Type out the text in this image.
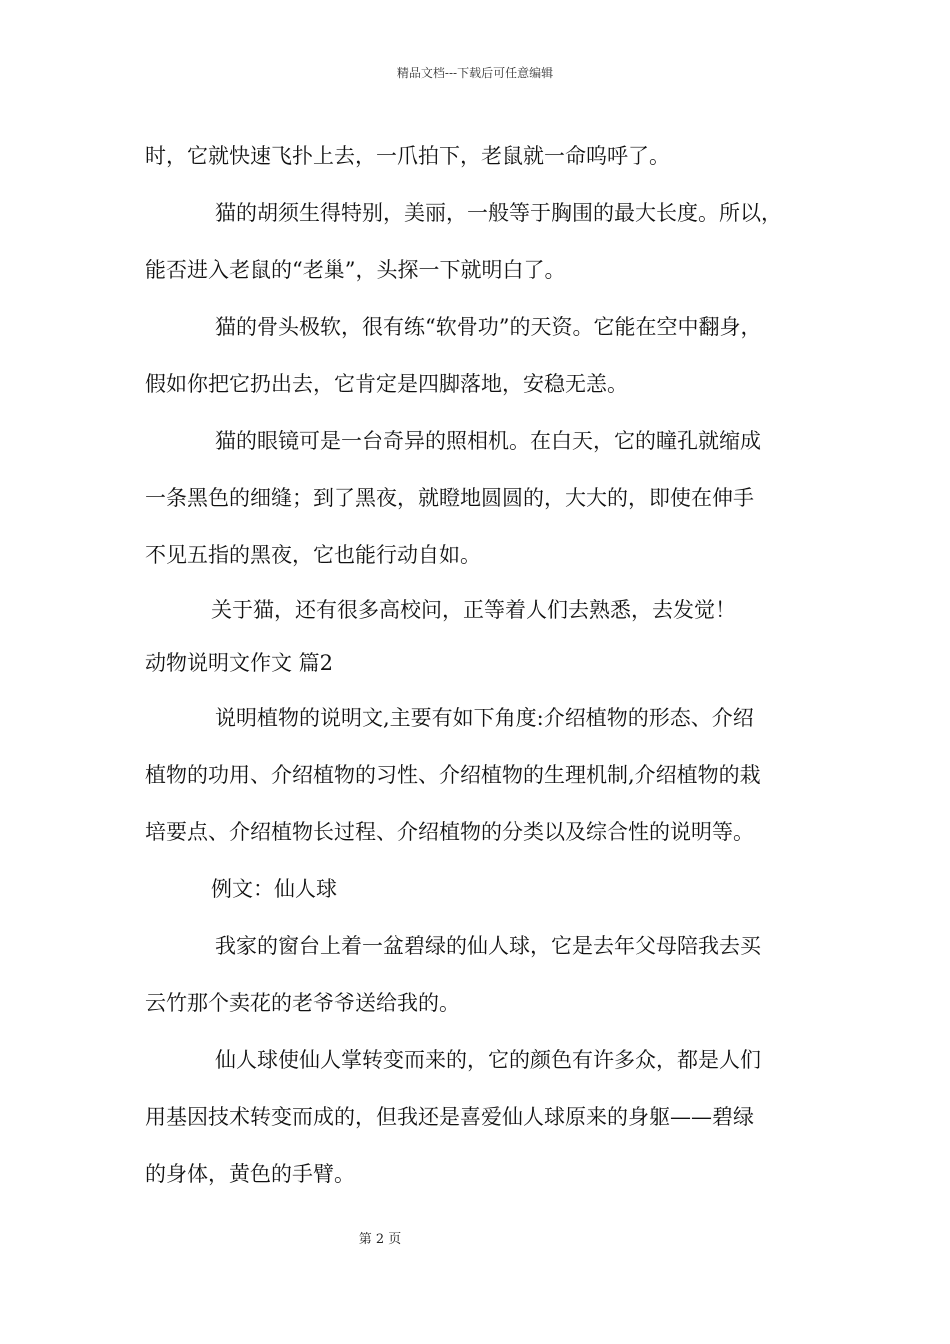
精品文档---下载后可任意编辑
时，它就快速飞扑上去，一爪拍下，老鼠就一命呜呼了。
猫的胡须生得特别，美丽，一般等于胸围的最大长度。所以，
能否进入老鼠的“老巢”，头探一下就明白了。
猫的骨头极软，很有练“软骨功”的天资。它能在空中翻身，
假如你把它扔出去，它肯定是四脚落地，安稳无恙。
猫的眼镜可是一台奇异的照相机。在白天，它的瞳孔就缩成
一条黑色的细缝；到了黑夜，就瞪地圆圆的，大大的，即使在伸手
不见五指的黑夜，它也能行动自如。
关于猫，还有很多高校问，正等着人们去熟悉，去发觉！
动物说明文作文 篇2
说明植物的说明文,主要有如下角度:介绍植物的形态、介绍
植物的功用、介绍植物的习性、介绍植物的生理机制,介绍植物的栽
培要点、介绍植物长过程、介绍植物的分类以及综合性的说明等。
例文：仙人球
我家的窗台上着一盆碧绿的仙人球，它是去年父母陪我去买
云竹那个卖花的老爷爷送给我的。
仙人球使仙人掌转变而来的，它的颜色有许多众，都是人们
用基因技术转变而成的，但我还是喜爱仙人球原来的身躯——碧绿
的身体，黄色的手臂。
第 2 页
